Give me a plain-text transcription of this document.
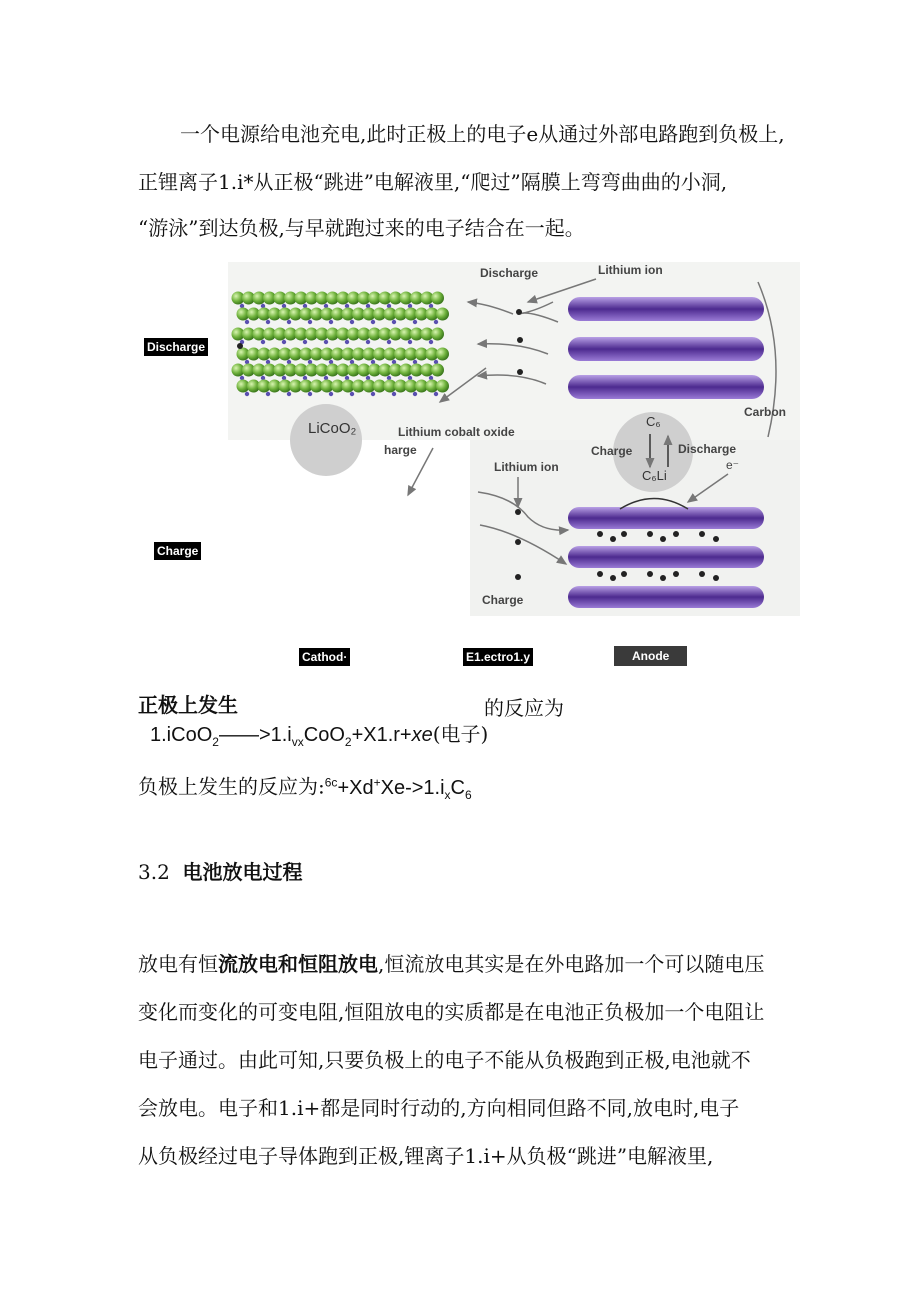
一个电源给电池充电,此时正极上的电子e从通过外部电路跑到负极上,
正锂离子1.i*从正极“跳进”电解液里,“爬过”隔膜上弯弯曲曲的小洞,
“游泳”到达负极,与早就跑过来的电子结合在一起。
Discharge
Charge
Discharge	Lithium ion
Carbon
LiCoO₂	Lithium cobalt oxide
harge
C₆
C₆Li
Charge	Discharge
e⁻
Lithium ion
Charge
Cathod·	E1.ectro1.y	Anode
正极上发生	的反应为
$1.iCoO_2——>1.i_{vx}CoO_2+X1.r+xe$(电子)
负极上发生的反应为$:^{6c}+Xd^+Xe->1.i_xC_6$
3.2 电池放电过程
放电有恒流放电和恒阻放电,恒流放电其实是在外电路加一个可以随电压
变化而变化的可变电阻,恒阻放电的实质都是在电池正负极加一个电阻让
电子通过。由此可知,只要负极上的电子不能从负极跑到正极,电池就不
会放电。电子和1.i+都是同时行动的,方向相同但路不同,放电时,电子
从负极经过电子导体跑到正极,锂离子1.i+从负极“跳进”电解液里,
